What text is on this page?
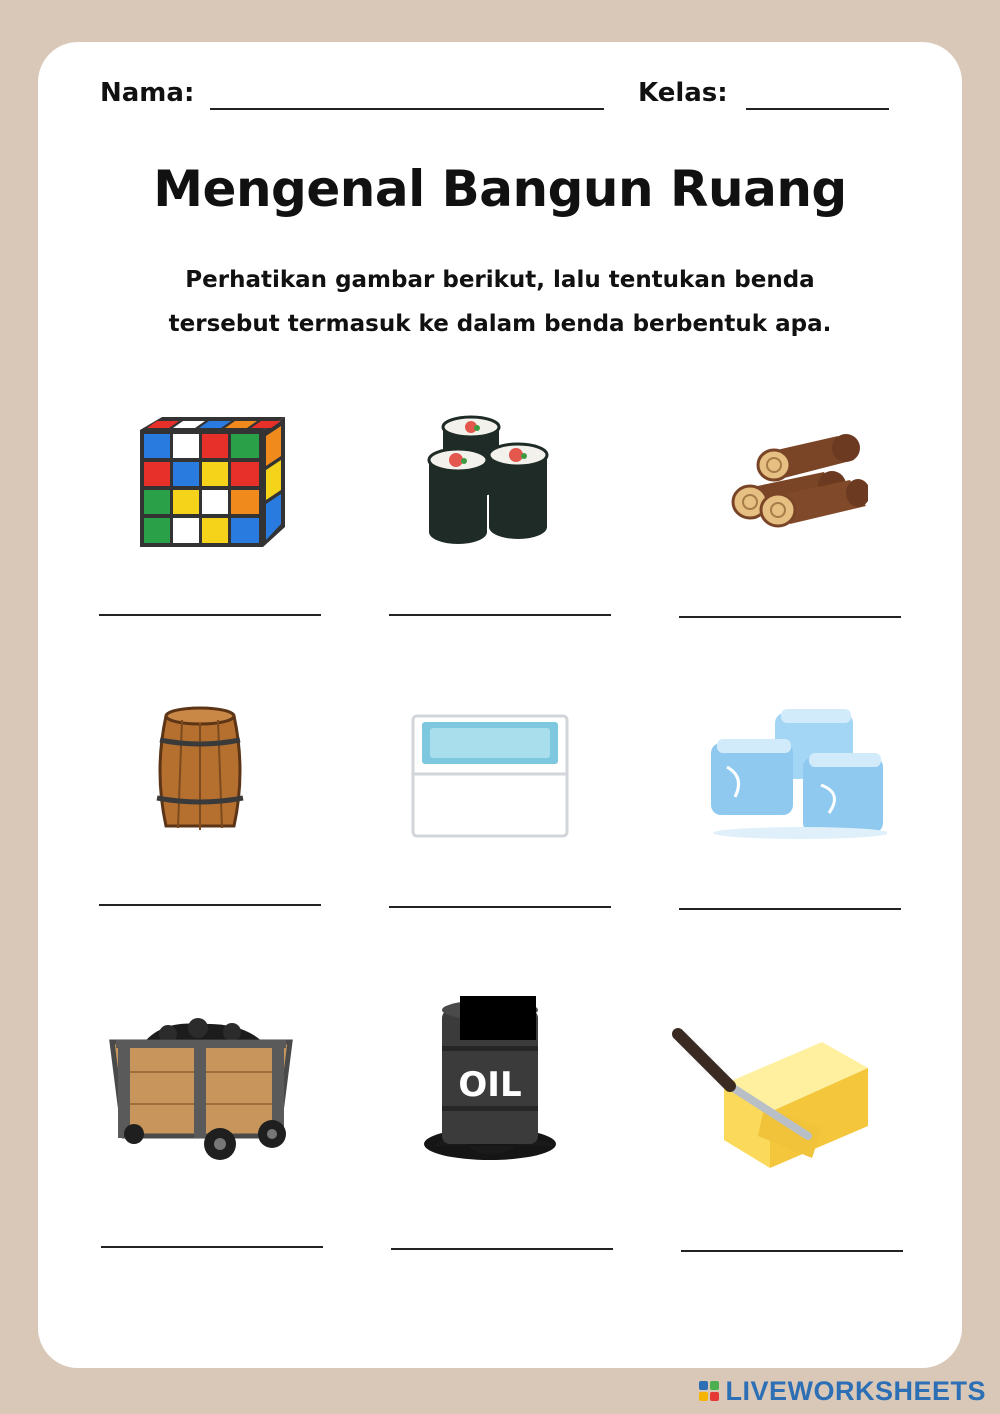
Nama:	Kelas:
Mengenal Bangun Ruang
Perhatikan gambar berikut, lalu tentukan benda
tersebut termasuk ke dalam benda berbentuk apa.
OIL
LIVEWORKSHEETS
